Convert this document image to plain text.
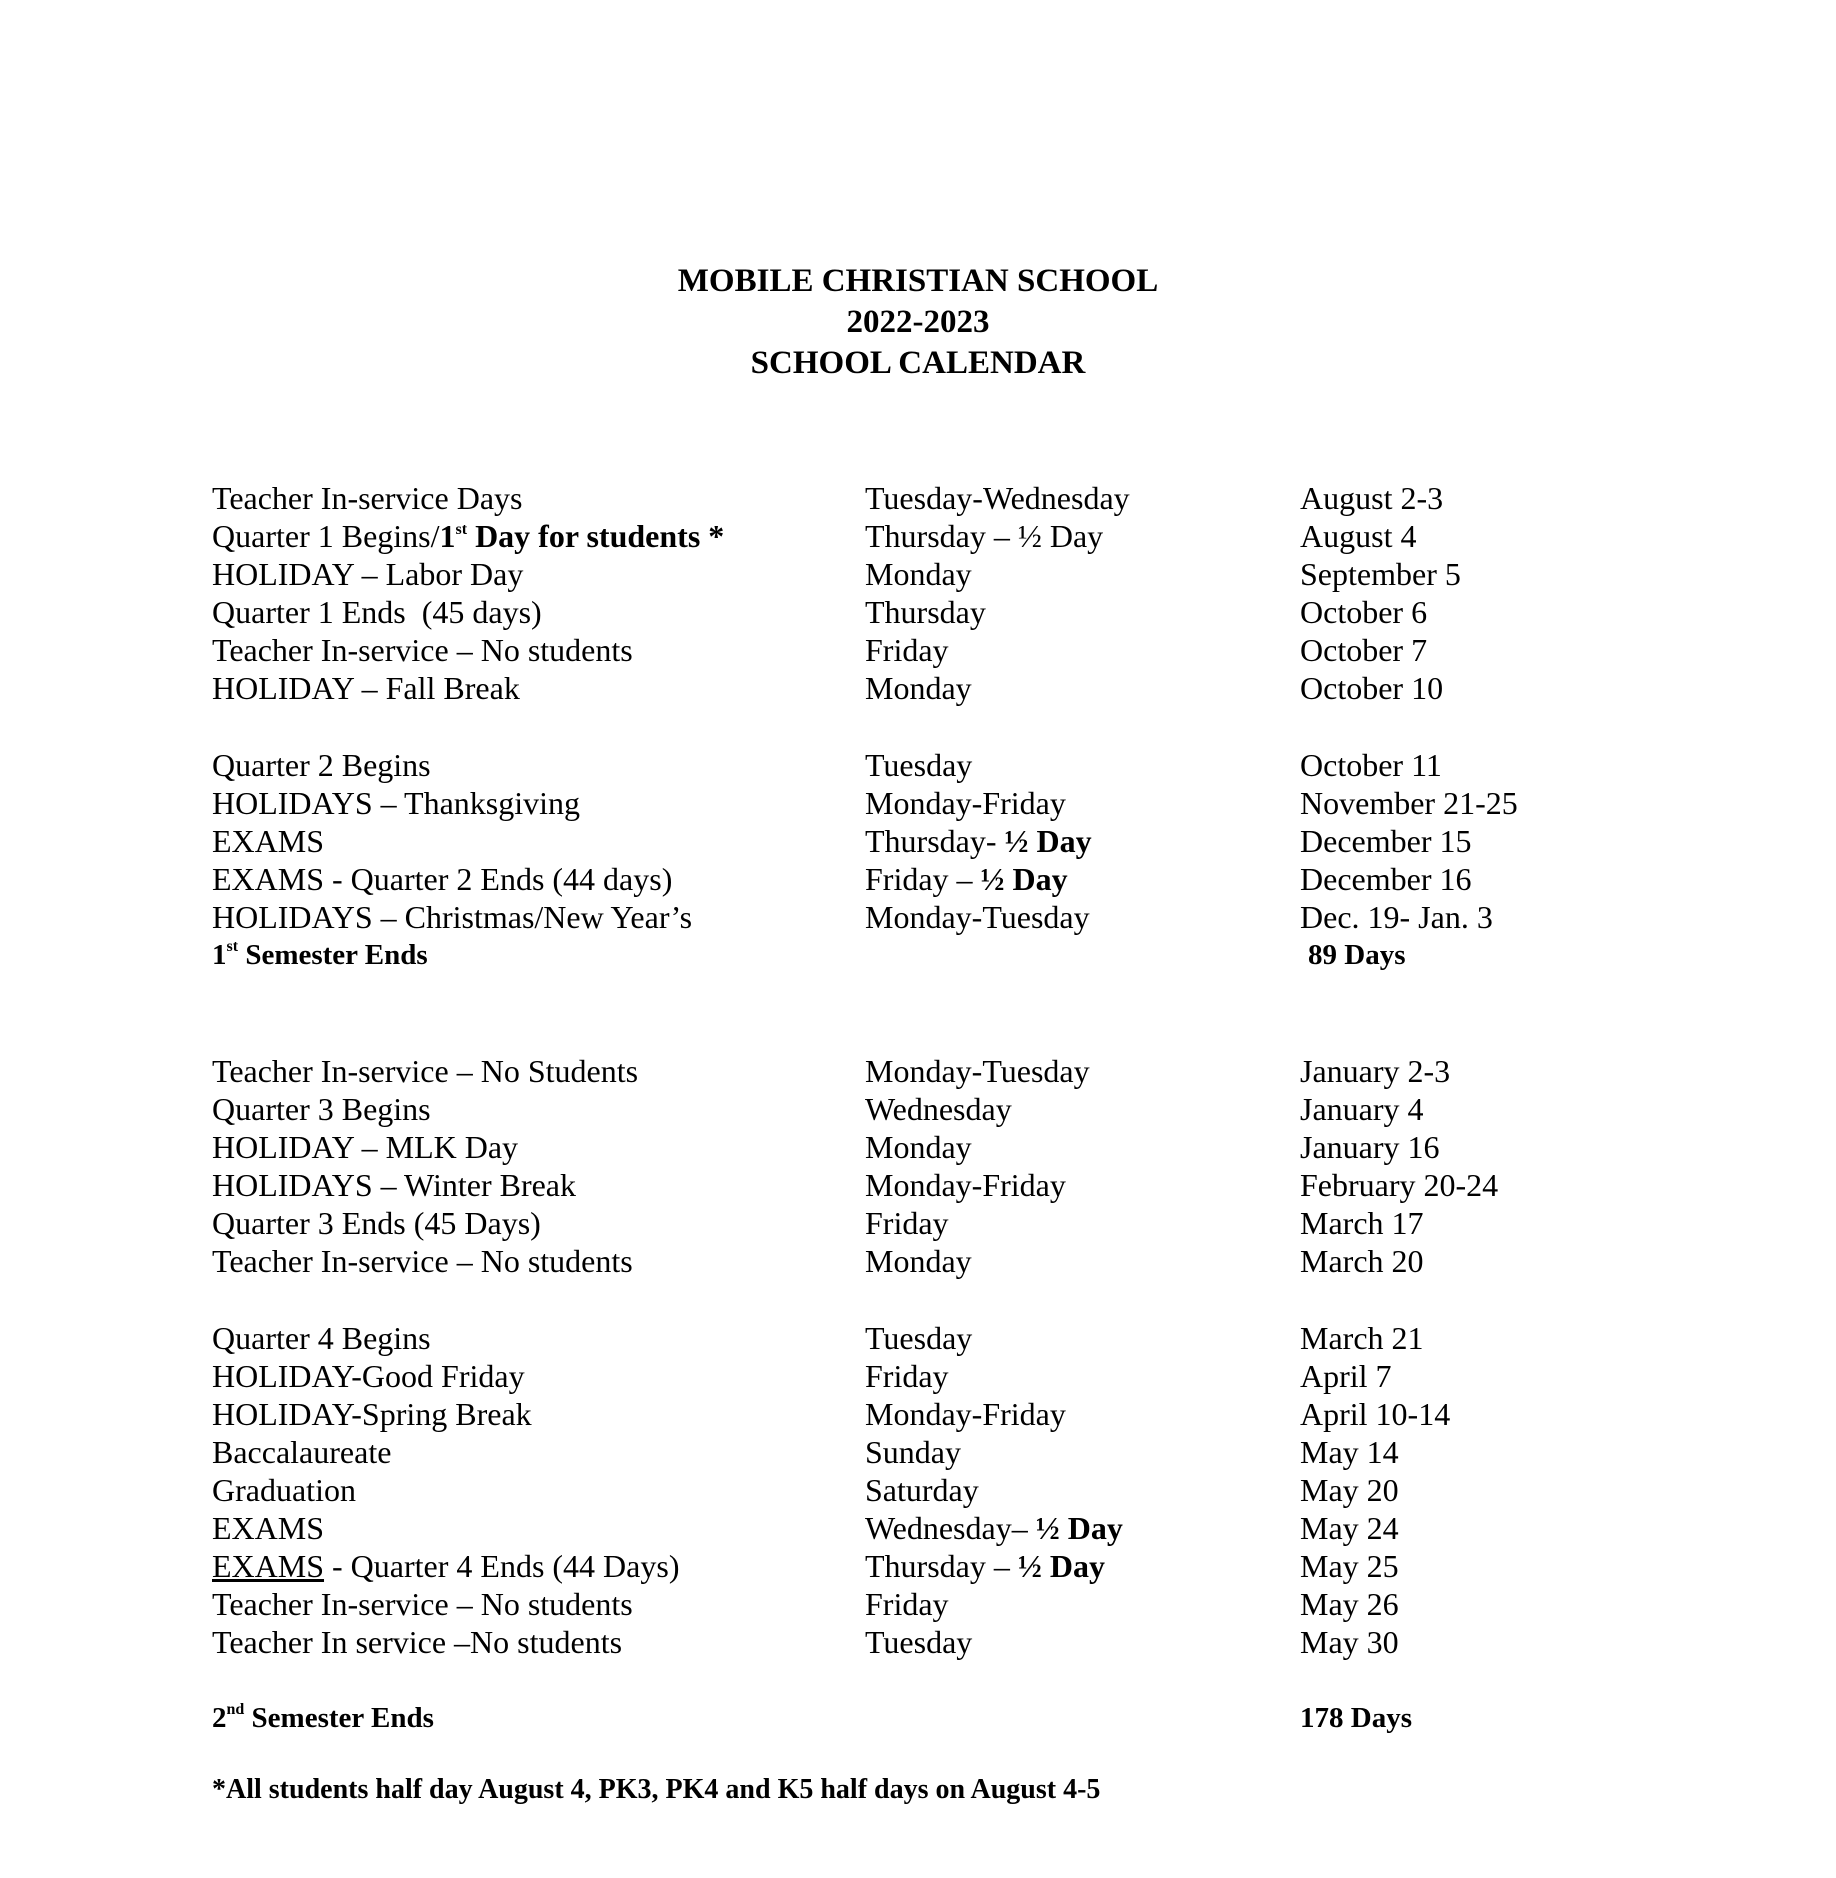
MOBILE CHRISTIAN SCHOOL
2022-2023
SCHOOL CALENDAR
Teacher In-service Days	Tuesday-Wednesday	August 2-3
Quarter 1 Begins/1st Day for students *	Thursday – ½ Day	August 4
HOLIDAY – Labor Day	Monday	September 5
Quarter 1 Ends  (45 days)	Thursday	October 6
Teacher In-service – No students	Friday	October 7
HOLIDAY – Fall Break	Monday	October 10
Quarter 2 Begins	Tuesday	October 11
HOLIDAYS – Thanksgiving	Monday-Friday	November 21-25
EXAMS	Thursday- ½ Day	December 15
EXAMS - Quarter 2 Ends (44 days)	Friday – ½ Day	December 16
HOLIDAYS – Christmas/New Year’s	Monday-Tuesday	Dec. 19- Jan. 3
1st Semester Ends	89 Days
Teacher In-service – No Students	Monday-Tuesday	January 2-3
Quarter 3 Begins	Wednesday	January 4
HOLIDAY – MLK Day	Monday	January 16
HOLIDAYS – Winter Break	Monday-Friday	February 20-24
Quarter 3 Ends (45 Days)	Friday	March 17
Teacher In-service – No students	Monday	March 20
Quarter 4 Begins	Tuesday	March 21
HOLIDAY-Good Friday	Friday	April 7
HOLIDAY-Spring Break	Monday-Friday	April 10-14
Baccalaureate	Sunday	May 14
Graduation	Saturday	May 20
EXAMS	Wednesday– ½ Day	May 24
EXAMS - Quarter 4 Ends (44 Days)	Thursday – ½ Day	May 25
Teacher In-service – No students	Friday	May 26
Teacher In service –No students	Tuesday	May 30
2nd Semester Ends	178 Days
*All students half day August 4, PK3, PK4 and K5 half days on August 4-5
